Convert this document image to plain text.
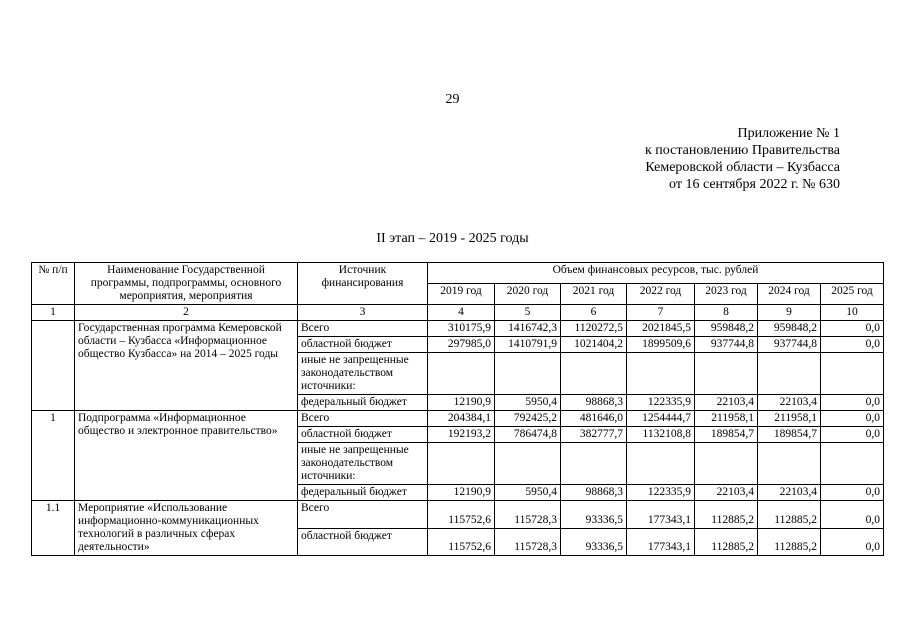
29
Приложение № 1
к постановлению Правительства
Кемеровской области – Кузбасса
от 16 сентября 2022 г. № 630
II этап – 2019 - 2025 годы
№ п/п	Наименование Государственной программы, подпрограммы, основного мероприятия, мероприятия	Источник финансирования	Объем финансовых ресурсов, тыс. рублей						
			2019 год	2020 год	2021 год	2022 год	2023 год	2024 год	2025 год
1	2	3	4	5	6	7	8	9	10
	Государственная программа Кемеровской области – Кузбасса «Информационное общество Кузбасса» на 2014 – 2025 годы	Всего	310175,9	1416742,3	1120272,5	2021845,5	959848,2	959848,2	0,0
		областной бюджет	297985,0	1410791,9	1021404,2	1899509,6	937744,8	937744,8	0,0
		иные не запрещенные законодательством источники:							
		федеральный бюджет	12190,9	5950,4	98868,3	122335,9	22103,4	22103,4	0,0
1	Подпрограмма «Информационное общество и электронное правительство»	Всего	204384,1	792425,2	481646,0	1254444,7	211958,1	211958,1	0,0
		областной бюджет	192193,2	786474,8	382777,7	1132108,8	189854,7	189854,7	0,0
		иные не запрещенные законодательством источники:							
		федеральный бюджет	12190,9	5950,4	98868,3	122335,9	22103,4	22103,4	0,0
1.1	Мероприятие «Использование информационно-коммуникационных технологий в различных сферах деятельности»	Всего	115752,6	115728,3	93336,5	177343,1	112885,2	112885,2	0,0
		областной бюджет	115752,6	115728,3	93336,5	177343,1	112885,2	112885,2	0,0
